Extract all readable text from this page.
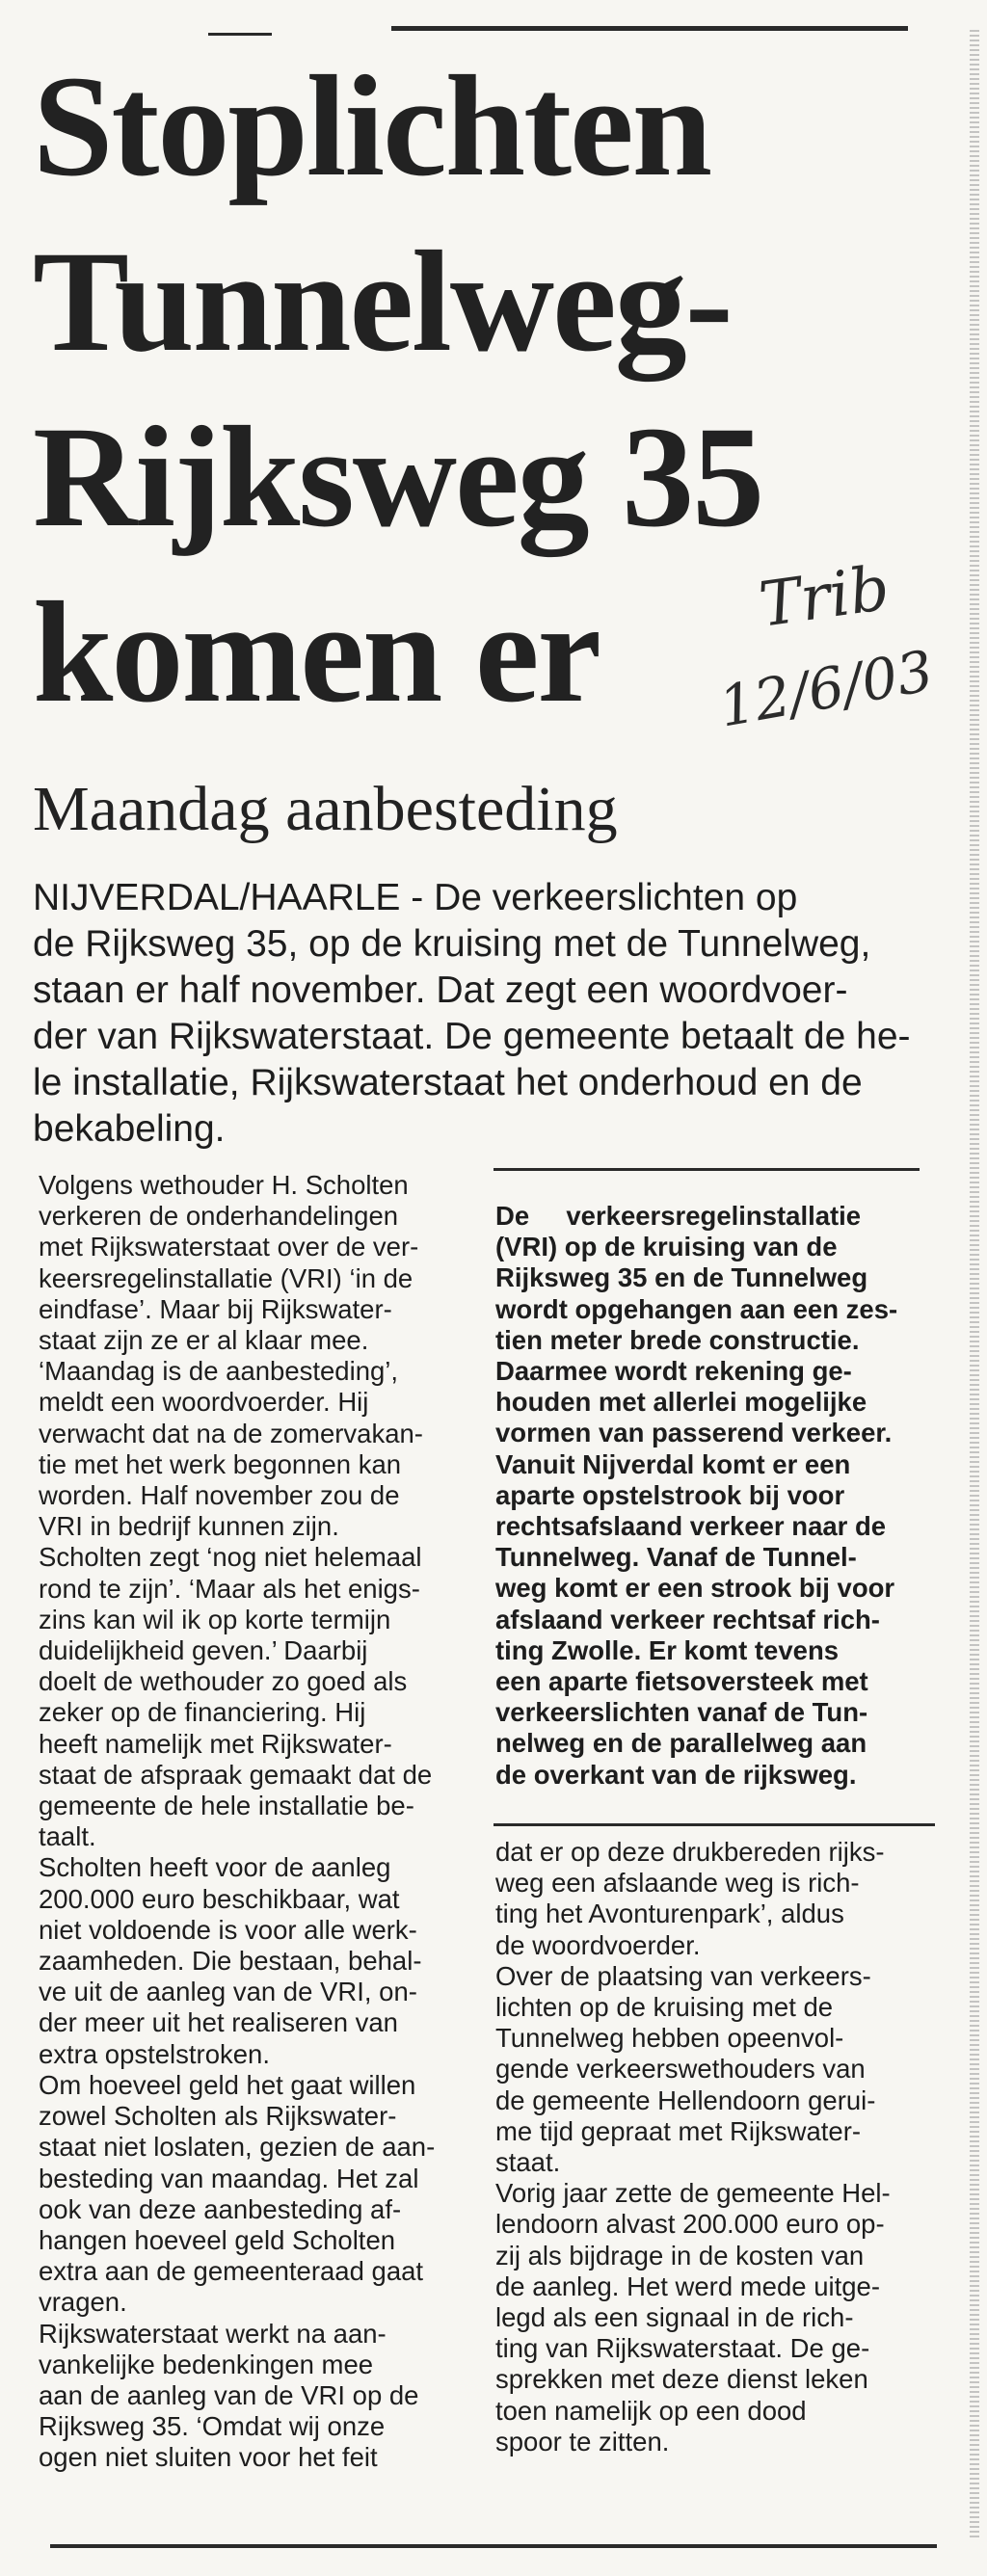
Stoplichten
Tunnelweg-
Rijksweg 35
komen er	Trib
12/6/03
Maandag aanbesteding
NIJVERDAL/HAARLE - De verkeerslichten op
de Rijksweg 35, op de kruising met de Tunnelweg,
staan er half november. Dat zegt een woordvoer-
der van Rijkswaterstaat. De gemeente betaalt de he-
le installatie, Rijkswaterstaat het onderhoud en de
bekabeling.
Volgens wethouder H. Scholten
verkeren de onderhandelingen
met Rijkswaterstaat over de ver-
keersregelinstallatie (VRI) ‘in de
eindfase’. Maar bij Rijkswater-
staat zijn ze er al klaar mee.
‘Maandag is de aanbesteding’,
meldt een woordvoerder. Hij
verwacht dat na de zomervakan-
tie met het werk begonnen kan
worden. Half november zou de
VRI in bedrijf kunnen zijn.
Scholten zegt ‘nog niet helemaal
rond te zijn’. ‘Maar als het enigs-
zins kan wil ik op korte termijn
duidelijkheid geven.’ Daarbij
doelt de wethouder zo goed als
zeker op de financiering. Hij
heeft namelijk met Rijkswater-
staat de afspraak gemaakt dat de
gemeente de hele installatie be-
taalt.
Scholten heeft voor de aanleg
200.000 euro beschikbaar, wat
niet voldoende is voor alle werk-
zaamheden. Die bestaan, behal-
ve uit de aanleg van de VRI, on-
der meer uit het realiseren van
extra opstelstroken.
Om hoeveel geld het gaat willen
zowel Scholten als Rijkswater-
staat niet loslaten, gezien de aan-
besteding van maandag. Het zal
ook van deze aanbesteding af-
hangen hoeveel geld Scholten
extra aan de gemeenteraad gaat
vragen.
Rijkswaterstaat werkt na aan-
vankelijke bedenkingen mee
aan de aanleg van de VRI op de
Rijksweg 35. ‘Omdat wij onze
ogen niet sluiten voor het feit
De     verkeersregelinstallatie
(VRI) op de kruising van de
Rijksweg 35 en de Tunnelweg
wordt opgehangen aan een zes-
tien meter brede constructie.
Daarmee wordt rekening ge-
houden met allerlei mogelijke
vormen van passerend verkeer.
Vanuit Nijverdal komt er een
aparte opstelstrook bij voor
rechtsafslaand verkeer naar de
Tunnelweg. Vanaf de Tunnel-
weg komt er een strook bij voor
afslaand verkeer rechtsaf rich-
ting Zwolle. Er komt tevens
een aparte fietsoversteek met
verkeerslichten vanaf de Tun-
nelweg en de parallelweg aan
de overkant van de rijksweg.
dat er op deze drukbereden rijks-
weg een afslaande weg is rich-
ting het Avonturenpark’, aldus
de woordvoerder.
Over de plaatsing van verkeers-
lichten op de kruising met de
Tunnelweg hebben opeenvol-
gende verkeerswethouders van
de gemeente Hellendoorn gerui-
me tijd gepraat met Rijkswater-
staat.
Vorig jaar zette de gemeente Hel-
lendoorn alvast 200.000 euro op-
zij als bijdrage in de kosten van
de aanleg. Het werd mede uitge-
legd als een signaal in de rich-
ting van Rijkswaterstaat. De ge-
sprekken met deze dienst leken
toen namelijk op een dood
spoor te zitten.
